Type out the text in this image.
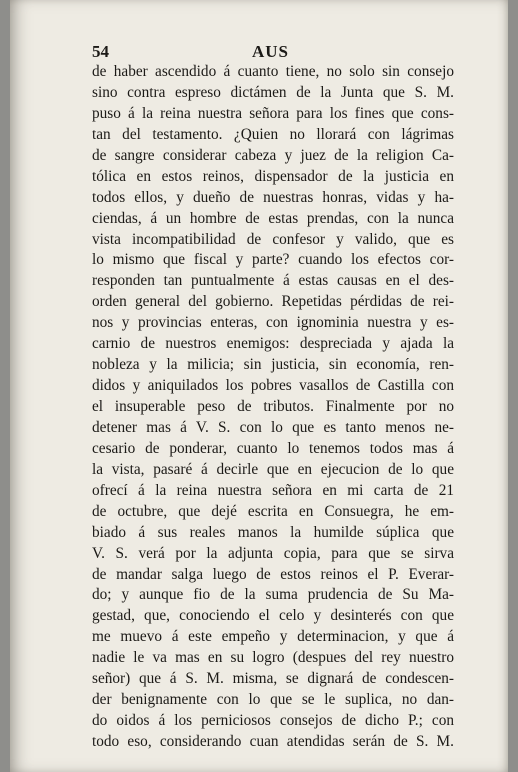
54	AUS
de haber ascendido á cuanto tiene, no solo sin consejo
sino contra espreso dictámen de la Junta que S. M.
puso á la reina nuestra señora para los fines que cons-
tan del testamento. ¿Quien no llorará con lágrimas
de sangre considerar cabeza y juez de la religion Ca-
tólica en estos reinos, dispensador de la justicia en
todos ellos, y dueño de nuestras honras, vidas y ha-
ciendas, á un hombre de estas prendas, con la nunca
vista incompatibilidad de confesor y valido, que es
lo mismo que fiscal y parte? cuando los efectos cor-
responden tan puntualmente á estas causas en el des-
orden general del gobierno. Repetidas pérdidas de rei-
nos y provincias enteras, con ignominia nuestra y es-
carnio de nuestros enemigos: despreciada y ajada la
nobleza y la milicia; sin justicia, sin economía, ren-
didos y aniquilados los pobres vasallos de Castilla con
el insuperable peso de tributos. Finalmente por no
detener mas á V. S. con lo que es tanto menos ne-
cesario de ponderar, cuanto lo tenemos todos mas á
la vista, pasaré á decirle que en ejecucion de lo que
ofrecí á la reina nuestra señora en mi carta de 21
de octubre, que dejé escrita en Consuegra, he em-
biado á sus reales manos la humilde súplica que
V. S. verá por la adjunta copia, para que se sirva
de mandar salga luego de estos reinos el P. Everar-
do; y aunque fio de la suma prudencia de Su Ma-
gestad, que, conociendo el celo y desinterés con que
me muevo á este empeño y determinacion, y que á
nadie le va mas en su logro (despues del rey nuestro
señor) que á S. M. misma, se dignará de condescen-
der benignamente con lo que se le suplica, no dan-
do oidos á los perniciosos consejos de dicho P.; con
todo eso, considerando cuan atendidas serán de S. M.
